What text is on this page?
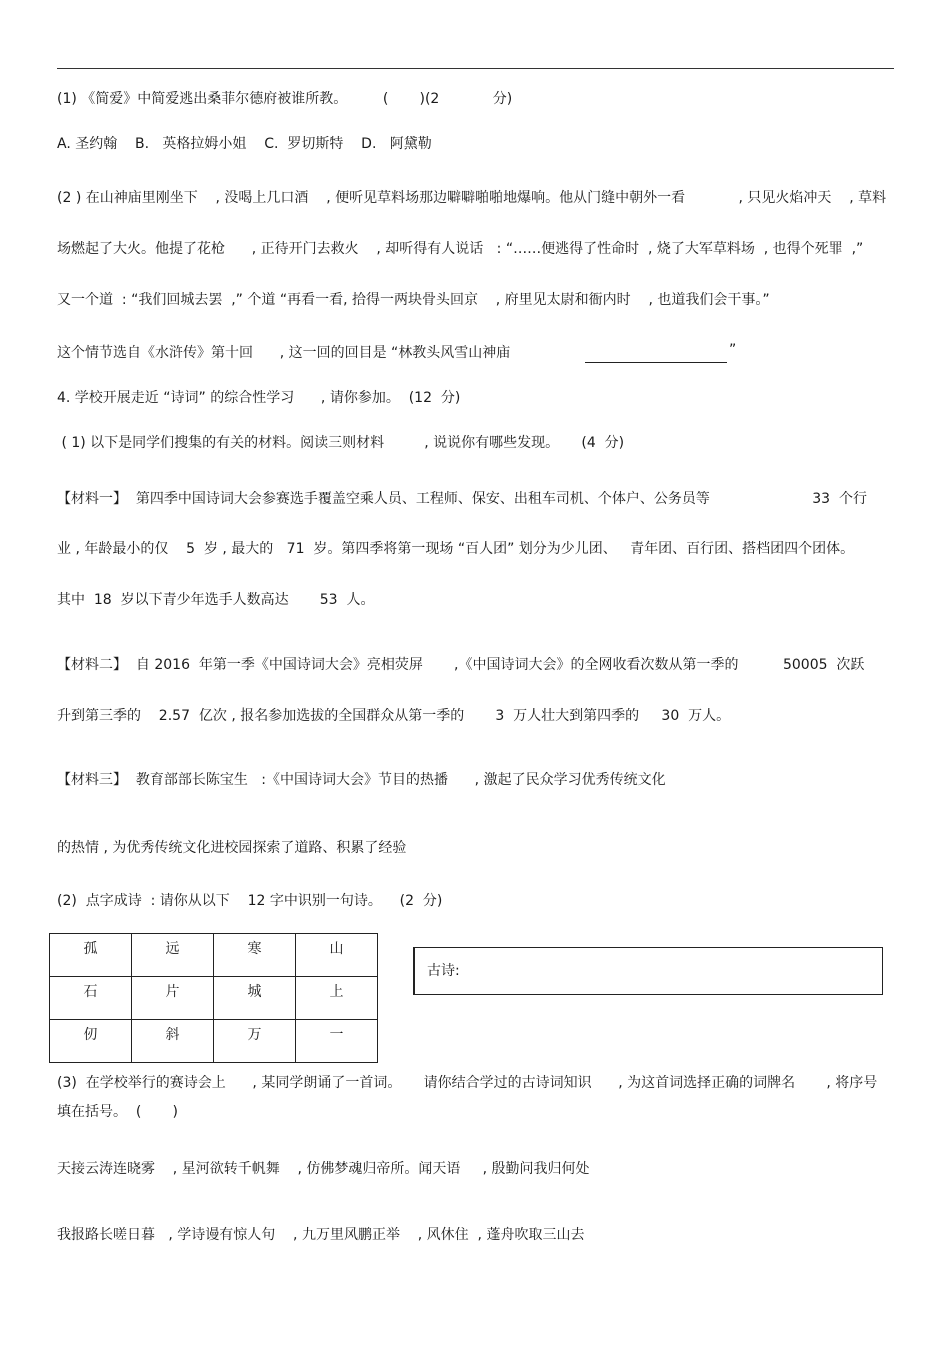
(1) 《简爱》中简爱逃出桑菲尔德府被谁所教。        (       )(2            分)
A. 圣约翰    B.   英格拉姆小姐    C.  罗切斯特    D.   阿黛勒
(2 ) 在山神庙里刚坐下    , 没喝上几口酒    , 便听见草料场那边噼噼啪啪地爆响。他从门缝中朝外一看            , 只见火焰冲天    , 草料
场燃起了大火。他提了花枪      , 正待开门去救火    , 却听得有人说话   : “……便逃得了性命时  , 烧了大军草料场  , 也得个死罪  ,”
又一个道  : “我们回城去罢  ,” 个道 “再看一看, 拾得一两块骨头回京    , 府里见太尉和衙内时    , 也道我们会干事。”
这个情节选自《水浒传》第十回      , 这一回的回目是 “林教头风雪山神庙	”
4. 学校开展走近 “诗词” 的综合性学习      , 请你参加。  (12  分)
( 1) 以下是同学们搜集的有关的材料。阅读三则材料         , 说说你有哪些发现。     (4  分)
【材料一】  第四季中国诗词大会参赛选手覆盖空乘人员、工程师、保安、出租车司机、个体户、公务员等                       33  个行
业 , 年龄最小的仅    5  岁 , 最大的   71  岁。第四季将第一现场 “百人团” 划分为少儿团、   青年团、百行团、搭档团四个团体。
其中  18  岁以下青少年选手人数高达       53  人。
【材料二】  自 2016  年第一季《中国诗词大会》亮相荧屏       ,《中国诗词大会》的全网收看次数从第一季的          50005  次跃
升到第三季的    2.57  亿次 , 报名参加选拔的全国群众从第一季的       3  万人壮大到第四季的     30  万人。
【材料三】  教育部部长陈宝生   :《中国诗词大会》节目的热播      , 激起了民众学习优秀传统文化
的热情 , 为优秀传统文化进校园探索了道路、积累了经验
(2)  点字成诗  : 请你从以下    12 字中识别一句诗。    (2  分)
孤	远	寒	山
石	片	城	上
仞	斜	万	一
古诗:
(3)  在学校举行的赛诗会上      , 某同学朗诵了一首词。     请你结合学过的古诗词知识      , 为这首词选择正确的词牌名       , 将序号
填在括号。  (       )
天接云涛连晓雾    , 星河欲转千帆舞    , 仿佛梦魂归帝所。闻天语     , 殷勤问我归何处
我报路长嗟日暮   , 学诗谩有惊人句    , 九万里风鹏正举    , 风休住  , 蓬舟吹取三山去
